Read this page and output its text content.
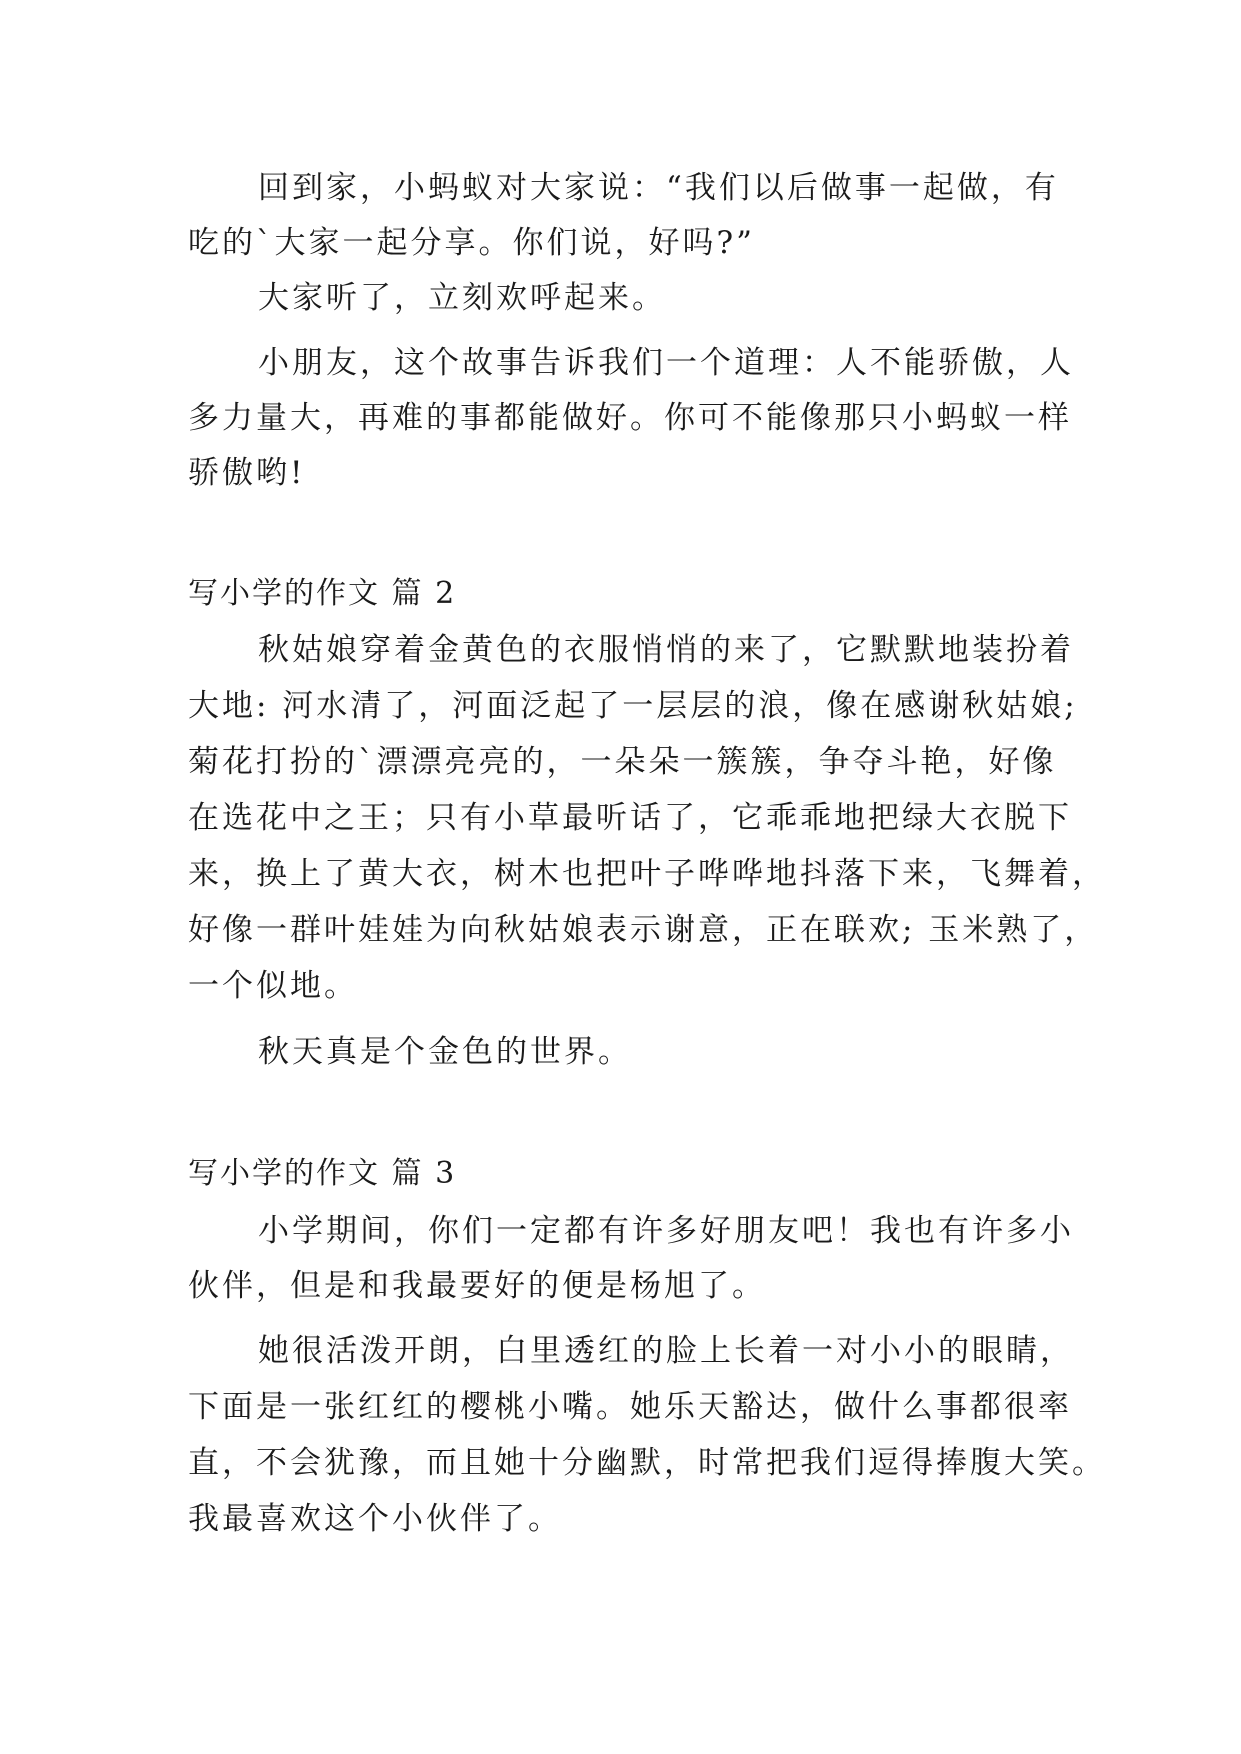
回到家，小蚂蚁对大家说：“我们以后做事一起做，有
吃的`大家一起分享。你们说，好吗?”
大家听了，立刻欢呼起来。
小朋友，这个故事告诉我们一个道理：人不能骄傲，人
多力量大，再难的事都能做好。你可不能像那只小蚂蚁一样
骄傲哟!
写小学的作文 篇 2
秋姑娘穿着金黄色的衣服悄悄的来了，它默默地装扮着
大地: 河水清了，河面泛起了一层层的浪，像在感谢秋姑娘;
菊花打扮的`漂漂亮亮的，一朵朵一簇簇，争夺斗艳，好像
在选花中之王；只有小草最听话了，它乖乖地把绿大衣脱下
来，换上了黄大衣，树木也把叶子哗哗地抖落下来，飞舞着，
好像一群叶娃娃为向秋姑娘表示谢意，正在联欢; 玉米熟了，
一个似地。
秋天真是个金色的世界。
写小学的作文 篇 3
小学期间，你们一定都有许多好朋友吧！我也有许多小
伙伴，但是和我最要好的便是杨旭了。
她很活泼开朗，白里透红的脸上长着一对小小的眼睛，
下面是一张红红的樱桃小嘴。她乐天豁达，做什么事都很率
直，不会犹豫，而且她十分幽默，时常把我们逗得捧腹大笑。
我最喜欢这个小伙伴了。
